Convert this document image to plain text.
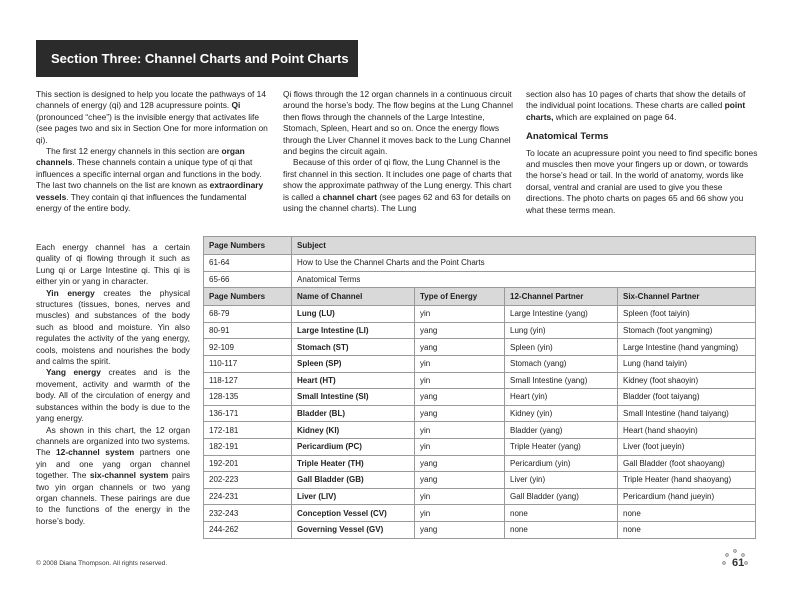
Section Three: Channel Charts and Point Charts

This section is designed to help you locate the pathways of 14 channels of energy (qi) and 128 acupressure points. Qi (pronounced “chee”) is the invisible energy that activates life (see pages two and six in Section One for more information on qi).

The first 12 energy channels in this section are organ channels. These channels contain a unique type of qi that influences a specific internal organ and functions in the body. The last two channels on the list are known as extraordinary vessels. They contain qi that influences the fundamental energy of the entire body.

Qi flows through the 12 organ channels in a continuous circuit around the horse’s body. The flow begins at the Lung Channel then flows through the channels of the Large Intestine, Stomach, Spleen, Heart and so on. Once the energy flows through the Liver Channel it moves back to the Lung Channel and begins the circuit again.

Because of this order of qi flow, the Lung Channel is the first channel in this section. It includes one page of charts that show the approximate pathway of the Lung energy. This chart is called a channel chart (see pages 62 and 63 for details on using the channel charts). The Lung

section also has 10 pages of charts that show the details of the individual point locations. These charts are called point charts, which are explained on page 64.

Anatomical Terms

To locate an acupressure point you need to find specific bones and muscles then move your fingers up or down, or towards the horse’s head or tail. In the world of anatomy, words like dorsal, ventral and cranial are used to give you these directions. The photo charts on pages 65 and 66 show you what these terms mean.

Each energy channel has a certain quality of qi flowing through it such as Lung qi or Large Intestine qi. This qi is either yin or yang in character.

Yin energy creates the physical structures (tissues, bones, nerves and muscles) and substances of the body such as blood and moisture. Yin also regulates the activity of the yang energy, cools, moistens and nourishes the body and calms the spirit.

Yang energy creates and is the movement, activity and warmth of the body. All of the circulation of energy and substances within the body is due to the yang energy.

As shown in this chart, the 12 organ channels are organized into two systems. The 12-channel system partners one yin and one yang organ channel together. The six-channel system pairs two yin organ channels or two yang organ channels. These pairings are due to the functions of the energy in the horse’s body.

Page Numbers	Subject			
61-64	How to Use the Channel Charts and the Point Charts			
65-66	Anatomical Terms			
Page Numbers	Name of Channel	Type of Energy	12-Channel Partner	Six-Channel Partner
68-79	Lung (LU)	yin	Large Intestine (yang)	Spleen (foot taiyin)
80-91	Large Intestine (LI)	yang	Lung (yin)	Stomach (foot yangming)
92-109	Stomach (ST)	yang	Spleen (yin)	Large Intestine (hand yangming)
110-117	Spleen (SP)	yin	Stomach (yang)	Lung (hand taiyin)
118-127	Heart (HT)	yin	Small Intestine (yang)	Kidney (foot shaoyin)
128-135	Small Intestine (SI)	yang	Heart (yin)	Bladder (foot taiyang)
136-171	Bladder (BL)	yang	Kidney (yin)	Small Intestine (hand taiyang)
172-181	Kidney (KI)	yin	Bladder (yang)	Heart (hand shaoyin)
182-191	Pericardium (PC)	yin	Triple Heater (yang)	Liver (foot jueyin)
192-201	Triple Heater (TH)	yang	Pericardium (yin)	Gall Bladder (foot shaoyang)
202-223	Gall Bladder (GB)	yang	Liver (yin)	Triple Heater (hand shaoyang)
224-231	Liver (LIV)	yin	Gall Bladder (yang)	Pericardium (hand jueyin)
232-243	Conception Vessel (CV)	yin	none	none
244-262	Governing Vessel (GV)	yang	none	none
© 2008 Diana Thompson. All rights reserved.	61
